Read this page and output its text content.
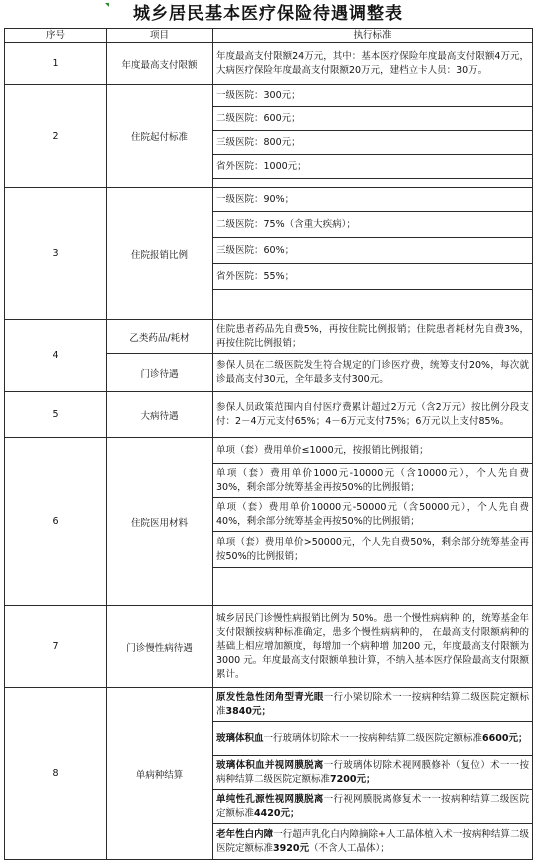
城乡居民基本医疗保险待遇调整表
序号	项目	执行标准
1	年度最高支付限额	年度最高支付限额24万元，其中：基本医疗保险年度最高支付限额4万元，大病医疗保险年度最高支付限额20万元，建档立卡人员：30万。

2	住院起付标准	一级医院：300元；

		二级医院：600元；

		三级医院：800元；

		省外医院：1000元；

3	住院报销比例	一级医院：90%；

		二级医院：75%（含重大疾病）；

		三级医院：60%；

		省外医院：55%；

4	乙类药品/耗材	住院患者药品先自费5%，再按住院比例报销；住院患者耗材先自费3%，再按住院比例报销；

	门诊待遇	参保人员在二级医院发生符合规定的门诊医疗费，统筹支付20%，每次就诊最高支付30元，全年最多支付300元。

5	大病待遇	参保人员政策范围内自付医疗费累计超过2万元（含2万元）按比例分段支付：2－4万元支付65%；4－6万元支付75%；6万元以上支付85%。

6	住院医用材料	单项（套）费用单价≤1000元，按报销比例报销；

		单项（套）费用单价1000元-10000元（含10000元），个人先自费30%，剩余部分统筹基金再按50%的比例报销；

		单项（套）费用单价10000元-50000元（含50000元），个人先自费40%，剩余部分统筹基金再按50%的比例报销；

		单项（套）费用单价>50000元，个人先自费50%，剩余部分统筹基金再按50%的比例报销；

7	门诊慢性病待遇	城乡居民门诊慢性病报销比例为 50%。患一个慢性病病种 的，统筹基金年支付限额按病种标准确定，患多个慢性病病种的， 在最高支付限额病种的基础上相应增加额度，每增加一个病种增 加200 元，年度最高支付限额为 3000 元。年度最高支付限额单独计算，不纳入基本医疗保险最高支付限额累计。

8	单病种结算	原发性急性闭角型青光眼一行小梁切除术一一按病种结算二级医院定额标准3840元；

		玻璃体积血一行玻璃体切除术一一按病种结算二级医院定额标准6600元；

		玻璃体积血并视网膜脱离一行玻璃体切除术视网膜修补（复位）术一一按病种结算二级医院定额标准7200元；

		单纯性孔源性视网膜脱离一行视网膜脱离修复术一一按病种结算二级医院定额标准4420元；

		老年性白内障一行超声乳化白内障摘除+人工晶体植入术一按病种结算二级医院定额标准3920元（不含人工晶体）；
